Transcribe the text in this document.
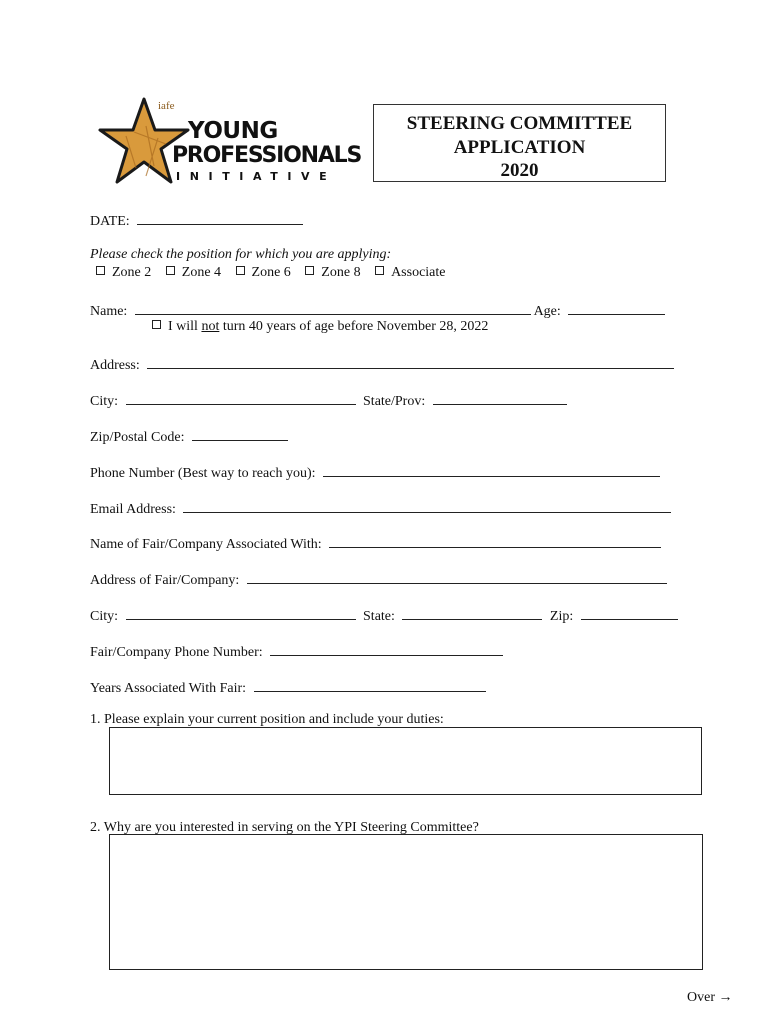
iafe
YOUNG
PROFESSIONALS
INITIATIVE
STEERING COMMITTEE
APPLICATION
2020
DATE:
Please check the position for which you are applying:
Zone 2 Zone 4 Zone 6 Zone 8 Associate
Name:	Age:
I will not turn 40 years of age before November 28, 2022
Address:
City:	State/Prov:
Zip/Postal Code:
Phone Number (Best way to reach you):
Email Address:
Name of Fair/Company Associated With:
Address of Fair/Company:
City:	State:	Zip:
Fair/Company Phone Number:
Years Associated With Fair:
1. Please explain your current position and include your duties:
2. Why are you interested in serving on the YPI Steering Committee?
Over →
